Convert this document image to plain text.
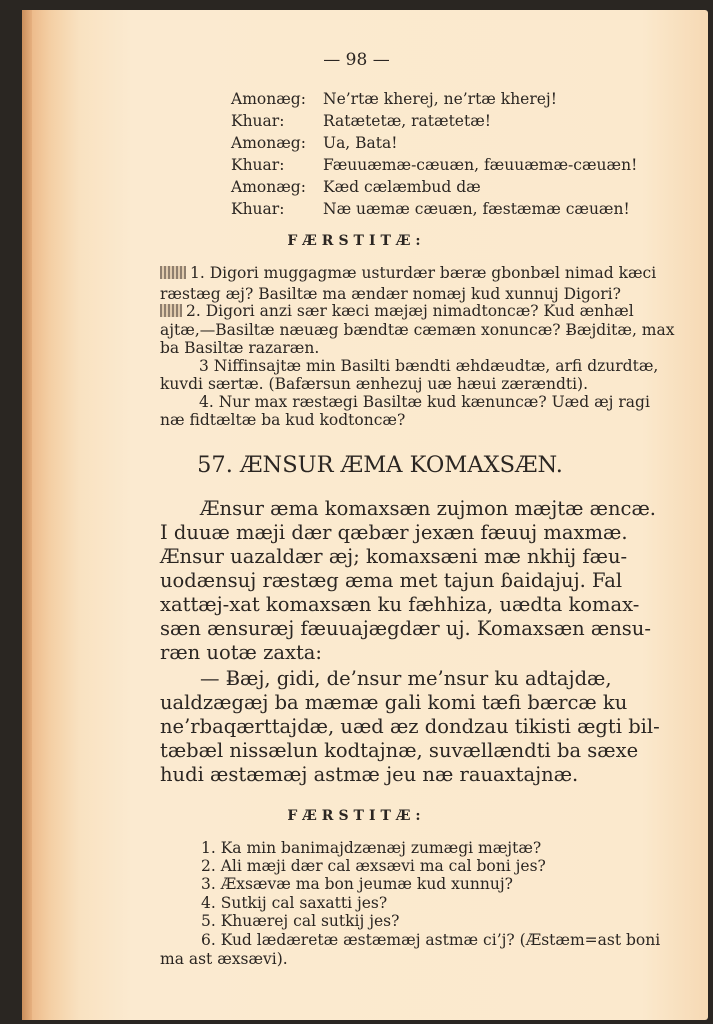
— 98 —
Amonæg: Ne’rtæ kherej, ne’rtæ kherej!
Khuar: Ratætetæ, ratætetæ!
Amonæg: Ua, Bata!
Khuar: Fæuuæmæ-cæuæn, fæuuæmæ-cæuæn!
Amonæg: Kæd cælæmbud dæ
Khuar: Næ uæmæ cæuæn, fæstæmæ cæuæn!
FÆRSTITÆ:
1. Digori muggagmæ usturdær bæræ gbonbæl nimad kæci
ræstæg æj? Basiltæ ma ændær nomæj kud xunnuj Digori?
2. Digori anzi sær kæci mæjæj nimadtoncæ? Kud ænhæl
ajtæ,—Basiltæ næuæg bændtæ cæmæn xonuncæ? Ƀæjditæ, max
ba Basiltæ razaræn.
3 Niffinsajtæ min Basilti bændti æhdæudtæ, arfi dzurdtæ,
kuvdi særtæ. (Bafærsun ænhezuj uæ hæui zærændti).
4. Nur max ræstægi Basiltæ kud kænuncæ? Uæd æj ragi
næ fidtæltæ ba kud kodtoncæ?
57. ÆNSUR ÆMA KOMAXSÆN.
Ænsur æma komaxsæn zujmon mæjtæ æncæ.
I duuæ mæji dær qæbær jexæn fæuuj maxmæ.
Ænsur uazaldær æj; komaxsæni mæ nkhij fæu-
uodænsuj ræstæg æma met tajun ɓaidajuj. Fal
xattæj-xat komaxsæn ku fæhhiza, uædta komax-
sæn ænsuræj fæuuajægdær uj. Komaxsæn ænsu-
ræn uotæ zaxta:
— Ƀæj, gidi, de’nsur me’nsur ku adtajdæ,
ualdzægæj ba mæmæ gali komi tæfi bærcæ ku
ne’rbaqærttajdæ, uæd æz dondzau tikisti ægti bil-
tæbæl nissælun kodtajnæ, suvællændti ba sæxe
hudi æstæmæj astmæ jeu næ rauaxtajnæ.
FÆRSTITÆ:
1. Ka min banimajdzænæj zumægi mæjtæ?
2. Ali mæji dær cal æxsævi ma cal boni jes?
3. Æxsævæ ma bon jeumæ kud xunnuj?
4. Sutkij cal saxatti jes?
5. Khuærej cal sutkij jes?
6. Kud lædæretæ æstæmæj astmæ ci’j? (Æstæm=ast boni
ma ast æxsævi).
